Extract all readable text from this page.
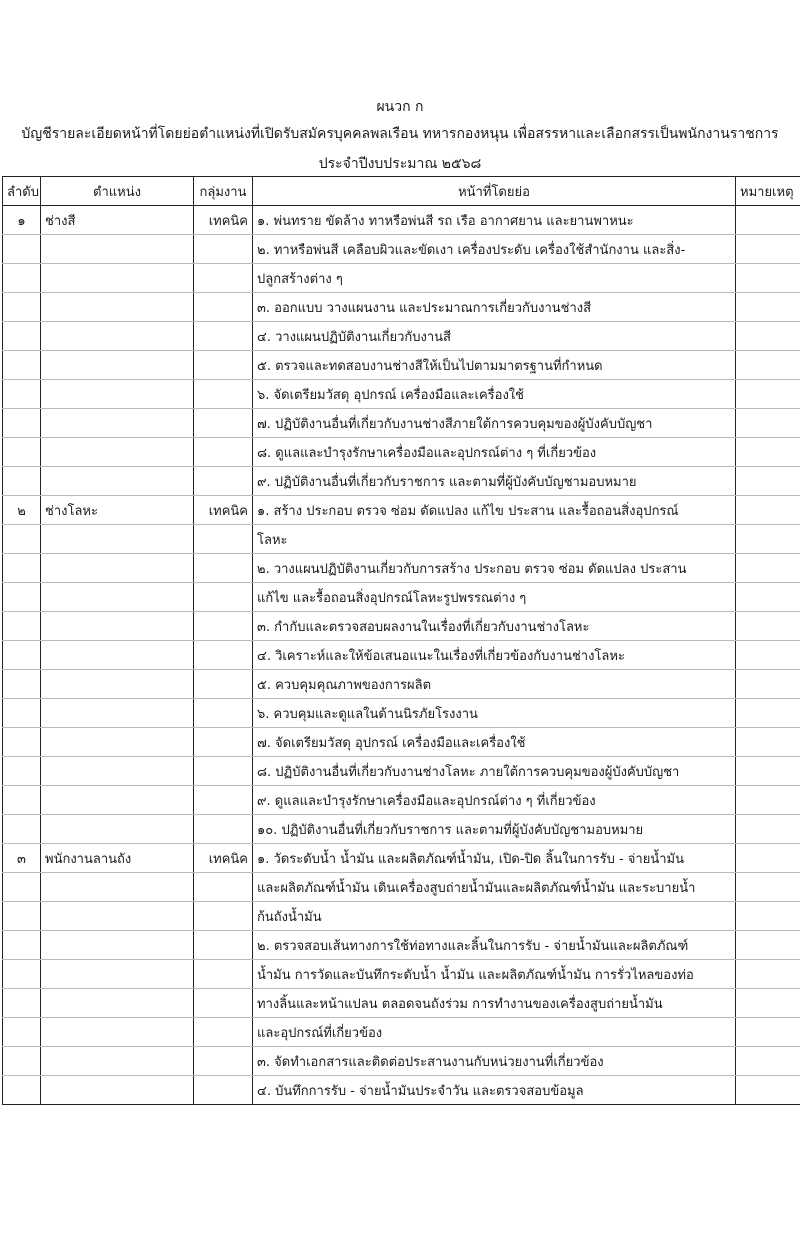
ผนวก ก
บัญชีรายละเอียดหน้าที่โดยย่อตำแหน่งที่เปิดรับสมัครบุคคลพลเรือน ทหารกองหนุน เพื่อสรรหาและเลือกสรรเป็นพนักงานราชการ
ประจำปีงบประมาณ ๒๕๖๘
ลำดับ	ตำแหน่ง	กลุ่มงาน	หน้าที่โดยย่อ	หมายเหตุ
๑	ช่างสี	เทคนิค	๑. พ่นทราย ขัดล้าง ทาหรือพ่นสี รถ เรือ อากาศยาน และยานพาหนะ	
			๒. ทาหรือพ่นสี เคลือบผิวและขัดเงา เครื่องประดับ เครื่องใช้สำนักงาน และสิ่ง-	
			ปลูกสร้างต่าง ๆ	
			๓. ออกแบบ วางแผนงาน และประมาณการเกี่ยวกับงานช่างสี	
			๔. วางแผนปฏิบัติงานเกี่ยวกับงานสี	
			๕. ตรวจและทดสอบงานช่างสีให้เป็นไปตามมาตรฐานที่กำหนด	
			๖. จัดเตรียมวัสดุ อุปกรณ์ เครื่องมือและเครื่องใช้	
			๗. ปฏิบัติงานอื่นที่เกี่ยวกับงานช่างสีภายใต้การควบคุมของผู้บังคับบัญชา	
			๘. ดูแลและบำรุงรักษาเครื่องมือและอุปกรณ์ต่าง ๆ ที่เกี่ยวข้อง	
			๙. ปฏิบัติงานอื่นที่เกี่ยวกับราชการ และตามที่ผู้บังคับบัญชามอบหมาย	
๒	ช่างโลหะ	เทคนิค	๑. สร้าง ประกอบ ตรวจ ซ่อม ดัดแปลง แก้ไข ประสาน และรื้อถอนสิ่งอุปกรณ์	
			โลหะ	
			๒. วางแผนปฏิบัติงานเกี่ยวกับการสร้าง ประกอบ ตรวจ ซ่อม ดัดแปลง ประสาน	
			แก้ไข และรื้อถอนสิ่งอุปกรณ์โลหะรูปพรรณต่าง ๆ	
			๓. กำกับและตรวจสอบผลงานในเรื่องที่เกี่ยวกับงานช่างโลหะ	
			๔. วิเคราะห์และให้ข้อเสนอแนะในเรื่องที่เกี่ยวข้องกับงานช่างโลหะ	
			๕. ควบคุมคุณภาพของการผลิต	
			๖. ควบคุมและดูแลในด้านนิรภัยโรงงาน	
			๗. จัดเตรียมวัสดุ อุปกรณ์ เครื่องมือและเครื่องใช้	
			๘. ปฏิบัติงานอื่นที่เกี่ยวกับงานช่างโลหะ ภายใต้การควบคุมของผู้บังคับบัญชา	
			๙. ดูแลและบำรุงรักษาเครื่องมือและอุปกรณ์ต่าง ๆ ที่เกี่ยวข้อง	
			๑๐. ปฏิบัติงานอื่นที่เกี่ยวกับราชการ และตามที่ผู้บังคับบัญชามอบหมาย	
๓	พนักงานลานถัง	เทคนิค	๑. วัดระดับน้ำ น้ำมัน และผลิตภัณฑ์น้ำมัน, เปิด-ปิด ลิ้นในการรับ - จ่ายน้ำมัน	
			และผลิตภัณฑ์น้ำมัน เดินเครื่องสูบถ่ายน้ำมันและผลิตภัณฑ์น้ำมัน และระบายน้ำ	
			ก้นถังน้ำมัน	
			๒. ตรวจสอบเส้นทางการใช้ท่อทางและลิ้นในการรับ - จ่ายน้ำมันและผลิตภัณฑ์	
			น้ำมัน การวัดและบันทึกระดับน้ำ น้ำมัน และผลิตภัณฑ์น้ำมัน การรั่วไหลของท่อ	
			ทางลิ้นและหน้าแปลน ตลอดจนถังร่วม การทำงานของเครื่องสูบถ่ายน้ำมัน	
			และอุปกรณ์ที่เกี่ยวข้อง	
			๓. จัดทำเอกสารและติดต่อประสานงานกับหน่วยงานที่เกี่ยวข้อง	
			๔. บันทึกการรับ - จ่ายน้ำมันประจำวัน และตรวจสอบข้อมูล	
